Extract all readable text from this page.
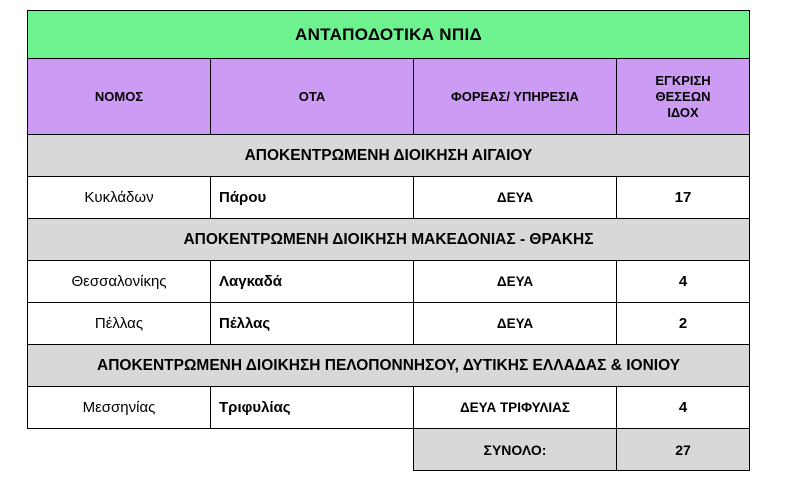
ΑΝΤΑΠΟΔΟΤΙΚΑ ΝΠΙΔ			
ΝΟΜΟΣ	ΟΤΑ	ΦΟΡΕΑΣ/ ΥΠΗΡΕΣΙΑ	ΕΓΚΡΙΣΗ
ΘΕΣΕΩΝ
ΙΔΟΧ

ΑΠΟΚΕΝΤΡΩΜΕΝΗ ΔΙΟΙΚΗΣΗ ΑΙΓΑΙΟΥ			
Κυκλάδων	Πάρου	ΔΕΥΑ	17
ΑΠΟΚΕΝΤΡΩΜΕΝΗ ΔΙΟΙΚΗΣΗ ΜΑΚΕΔΟΝΙΑΣ - ΘΡΑΚΗΣ			
Θεσσαλονίκης	Λαγκαδά	ΔΕΥΑ	4
Πέλλας	Πέλλας	ΔΕΥΑ	2
ΑΠΟΚΕΝΤΡΩΜΕΝΗ ΔΙΟΙΚΗΣΗ ΠΕΛΟΠΟΝΝΗΣΟΥ, ΔΥΤΙΚΗΣ ΕΛΛΑΔΑΣ & ΙΟΝΙΟΥ			
Μεσσηνίας	Τριφυλίας	ΔΕΥΑ ΤΡΙΦΥΛΙΑΣ	4
		ΣΥΝΟΛΟ:	27
